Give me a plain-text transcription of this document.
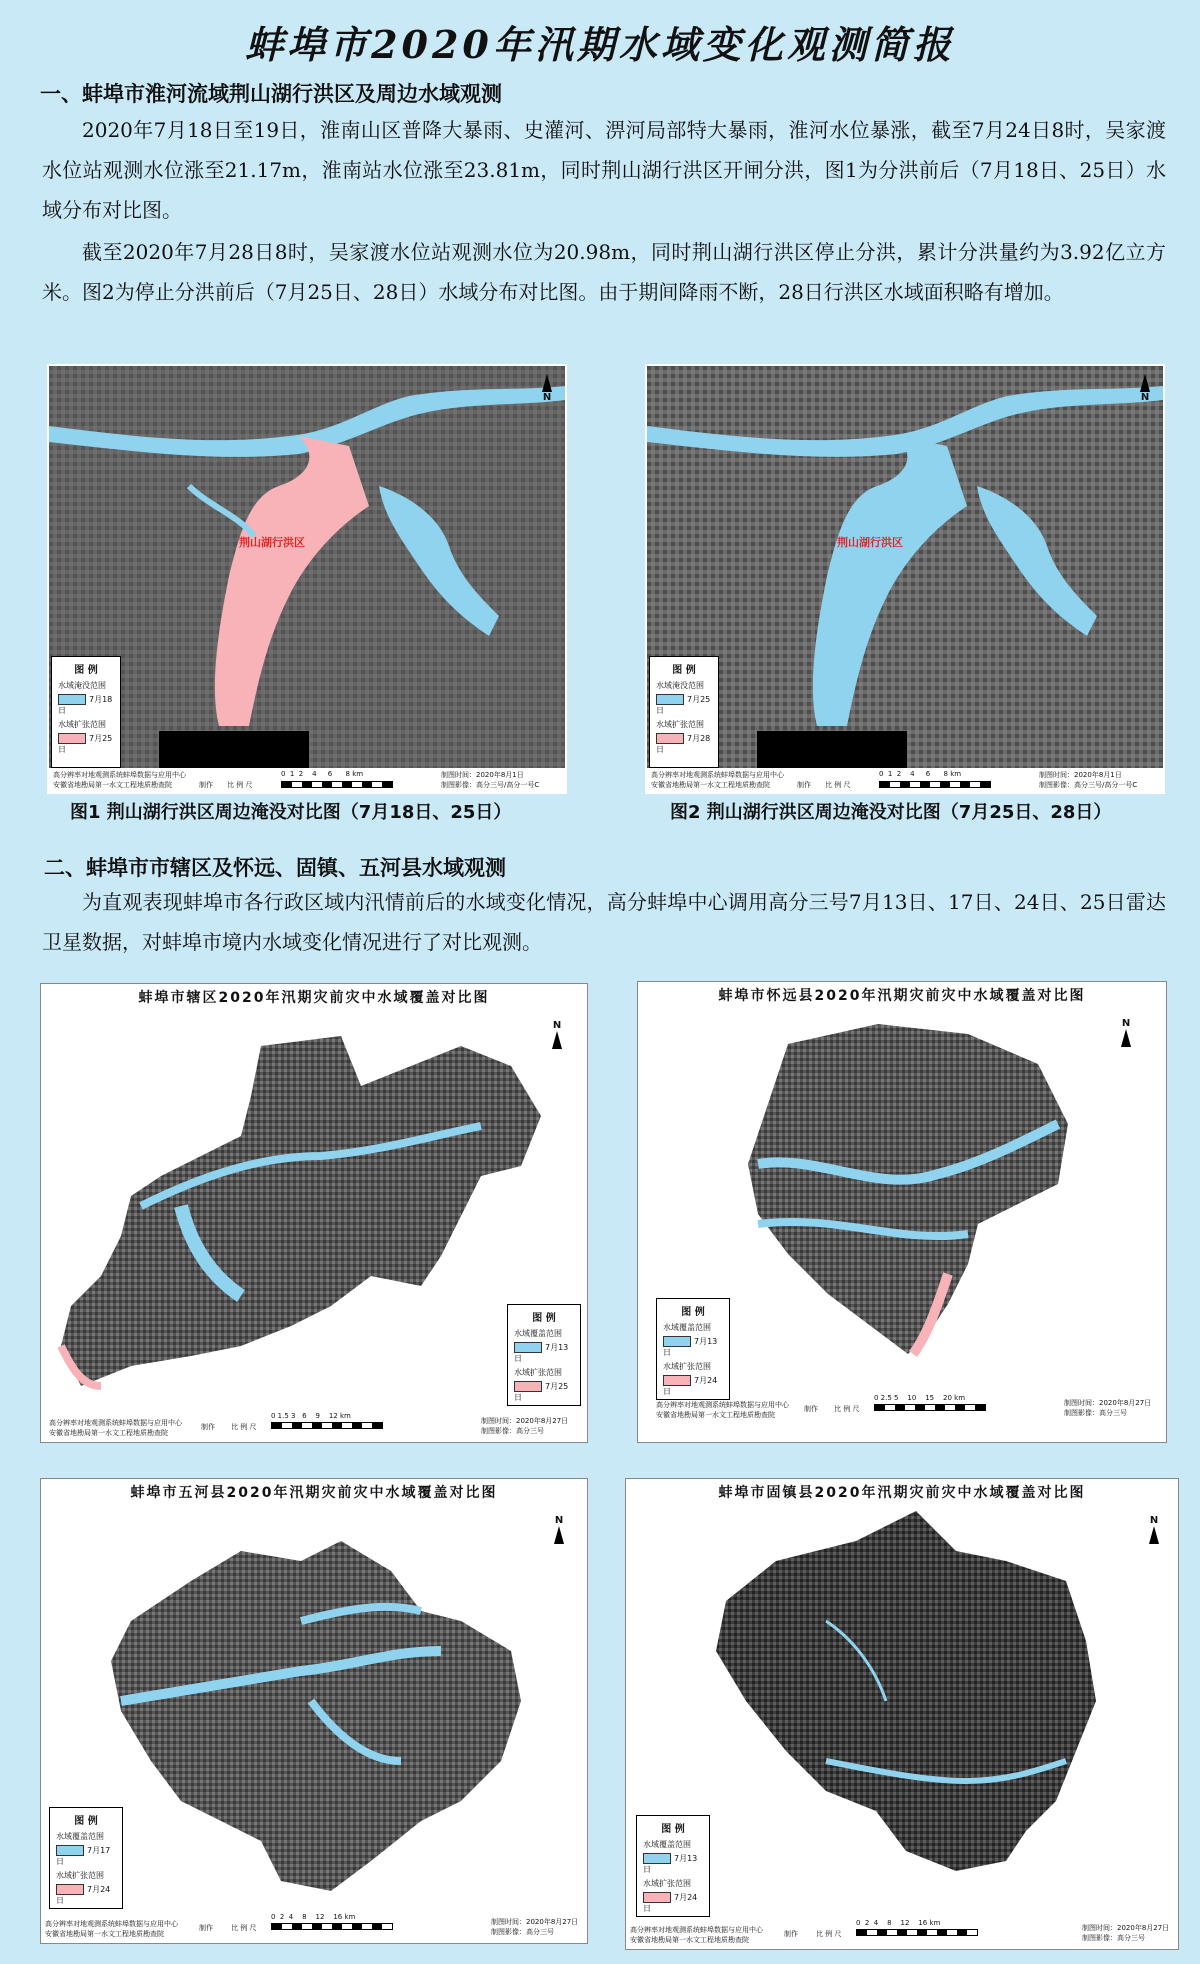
蚌埠市2020年汛期水域变化观测简报
一、蚌埠市淮河流域荆山湖行洪区及周边水域观测
2020年7月18日至19日，淮南山区普降大暴雨、史灌河、淠河局部特大暴雨，淮河水位暴涨，截至7月24日8时，吴家渡水位站观测水位涨至21.17m，淮南站水位涨至23.81m，同时荆山湖行洪区开闸分洪，图1为分洪前后（7月18日、25日）水域分布对比图。
截至2020年7月28日8时，吴家渡水位站观测水位为20.98m，同时荆山湖行洪区停止分洪，累计分洪量约为3.92亿立方米。图2为停止分洪前后（7月25日、28日）水域分布对比图。由于期间降雨不断，28日行洪区水域面积略有增加。
荆山湖行洪区
N
图 例
水域淹没范围
7月18日
水域扩张范围
7月25日
高分辨率对地观测系统蚌埠数据与应用中心
安徽省地勘局第一水文工程地质勘查院	制作 比 例 尺
0  1  2    4     6      8 km	制图时间：2020年8月1日
制图影像：高分三号/高分一号C
图1 荆山湖行洪区周边淹没对比图（7月18日、25日）
荆山湖行洪区
N
图 例
水域淹没范围
7月25日
水域扩张范围
7月28日
高分辨率对地观测系统蚌埠数据与应用中心
安徽省地勘局第一水文工程地质勘查院	制作 比 例 尺
0  1  2    4     6      8 km	制图时间：2020年8月1日
制图影像：高分三号/高分一号C
图2 荆山湖行洪区周边淹没对比图（7月25日、28日）
二、蚌埠市市辖区及怀远、固镇、五河县水域观测
为直观表现蚌埠市各行政区域内汛情前后的水域变化情况，高分蚌埠中心调用高分三号7月13日、17日、24日、25日雷达卫星数据，对蚌埠市境内水域变化情况进行了对比观测。
蚌埠市辖区2020年汛期灾前灾中水域覆盖对比图
N
图 例
水域覆盖范围
7月13日
水域扩张范围
7月25日
高分辨率对地观测系统蚌埠数据与应用中心
安徽省地勘局第一水文工程地质勘查院
制作 比 例 尺
0 1.5 3   6    9    12 km
制图时间：2020年8月27日
制图影像：高分三号
蚌埠市怀远县2020年汛期灾前灾中水域覆盖对比图
N
图 例
水域覆盖范围
7月13日
水域扩张范围
7月24日
高分辨率对地观测系统蚌埠数据与应用中心
安徽省地勘局第一水文工程地质勘查院
制作 比 例 尺
0 2.5 5    10    15    20 km
制图时间：2020年8月27日
制图影像：高分三号
蚌埠市五河县2020年汛期灾前灾中水域覆盖对比图
N
图 例
水域覆盖范围
7月17日
水域扩张范围
7月24日
高分辨率对地观测系统蚌埠数据与应用中心
安徽省地勘局第一水文工程地质勘查院
制作	比 例 尺
0  2  4    8    12    16 km
制图时间：2020年8月27日
制图影像：高分三号
蚌埠市固镇县2020年汛期灾前灾中水域覆盖对比图
N
图 例
水域覆盖范围
7月13日
水域扩张范围
7月24日
高分辨率对地观测系统蚌埠数据与应用中心
安徽省地勘局第一水文工程地质勘查院
制作	比 例 尺
0  2  4    8    12    16 km
制图时间：2020年8月27日
制图影像：高分三号
